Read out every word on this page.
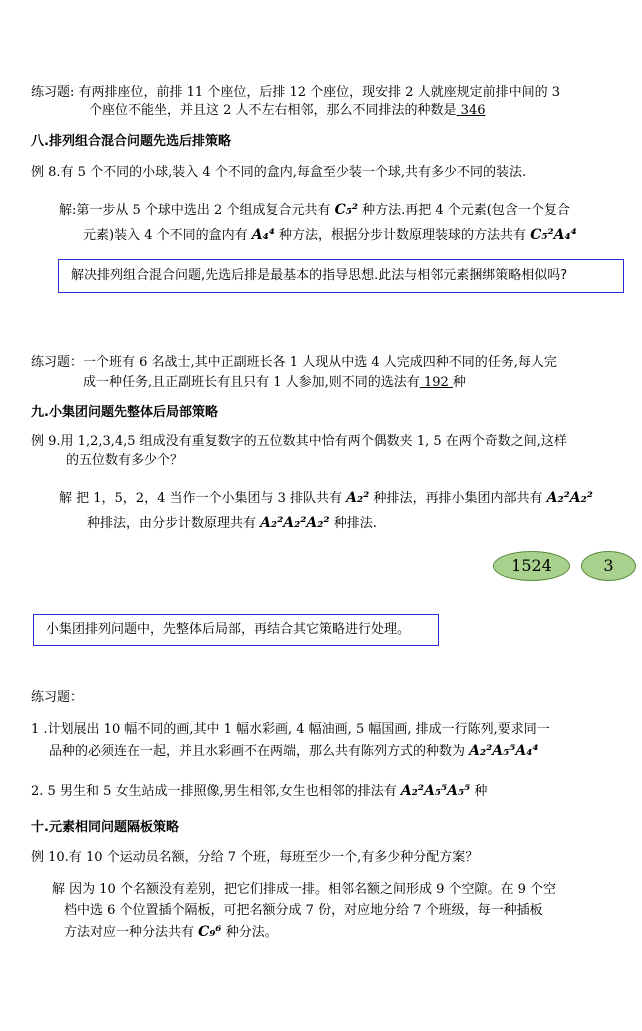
练习题: 有两排座位，前排 11 个座位，后排 12 个座位，现安排 2 人就座规定前排中间的 3
个座位不能坐，并且这 2 人不左右相邻，那么不同排法的种数是 346
八.排列组合混合问题先选后排策略
例 8.有 5 个不同的小球,装入 4 个不同的盒内,每盒至少装一个球,共有多少不同的装法.
解:第一步从 5 个球中选出 2 个组成复合元共有 C₅² 种方法.再把 4 个元素(包含一个复合
元素)装入 4 个不同的盒内有 A₄⁴ 种方法，根据分步计数原理装球的方法共有 C₅²A₄⁴
解决排列组合混合问题,先选后排是最基本的指导思想.此法与相邻元素捆绑策略相似吗?
练习题：一个班有 6 名战士,其中正副班长各 1 人现从中选 4 人完成四种不同的任务,每人完
成一种任务,且正副班长有且只有 1 人参加,则不同的选法有 192 种
九.小集团问题先整体后局部策略
例 9.用 1,2,3,4,5 组成没有重复数字的五位数其中恰有两个偶数夹 1, 5 在两个奇数之间,这样
的五位数有多少个？
解 把 1，5，2，4 当作一个小集团与 3 排队共有 A₂² 种排法，再排小集团内部共有 A₂²A₂²
种排法，由分步计数原理共有 A₂²A₂²A₂² 种排法.
1524	3
小集团排列问题中，先整体后局部，再结合其它策略进行处理。
练习题：
1 .计划展出 10 幅不同的画,其中 1 幅水彩画, 4 幅油画, 5 幅国画, 排成一行陈列,要求同一
品种的必须连在一起，并且水彩画不在两端，那么共有陈列方式的种数为 A₂²A₅⁵A₄⁴
2. 5 男生和 5 女生站成一排照像,男生相邻,女生也相邻的排法有 A₂²A₅⁵A₅⁵ 种
十.元素相同问题隔板策略
例 10.有 10 个运动员名额，分给 7 个班，每班至少一个,有多少种分配方案？
解 因为 10 个名额没有差别，把它们排成一排。相邻名额之间形成 9 个空隙。在 9 个空
档中选 6 个位置插个隔板，可把名额分成 7 份，对应地分给 7 个班级，每一种插板
方法对应一种分法共有 C₉⁶ 种分法。
